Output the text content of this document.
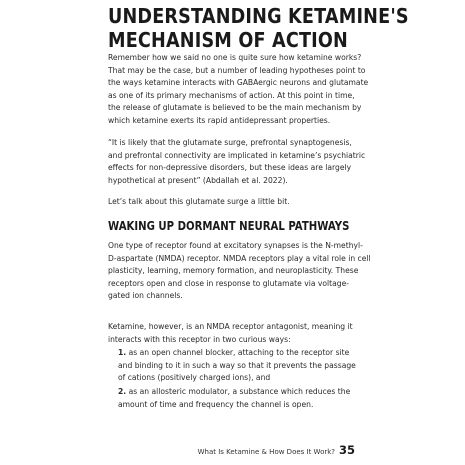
UNDERSTANDING KETAMINE'S
MECHANISM OF ACTION

Remember how we said no one is quite sure how ketamine works?
That may be the case, but a number of leading hypotheses point to
the ways ketamine interacts with GABAergic neurons and glutamate
as one of its primary mechanisms of action. At this point in time,
the release of glutamate is believed to be the main mechanism by
which ketamine exerts its rapid antidepressant properties.

“It is likely that the glutamate surge, prefrontal synaptogenesis,
and prefrontal connectivity are implicated in ketamine’s psychiatric
effects for non-depressive disorders, but these ideas are largely
hypothetical at present” (Abdallah et al. 2022).

Let’s talk about this glutamate surge a little bit.

WAKING UP DORMANT NEURAL PATHWAYS

One type of receptor found at excitatory synapses is the N-methyl-
D-aspartate (NMDA) receptor. NMDA receptors play a vital role in cell
plasticity, learning, memory formation, and neuroplasticity. These
receptors open and close in response to glutamate via voltage-
gated ion channels.

Ketamine, however, is an NMDA receptor antagonist, meaning it
interacts with this receptor in two curious ways:

1. as an open channel blocker, attaching to the receptor site
and binding to it in such a way so that it prevents the passage
of cations (positively charged ions), and
2. as an allosteric modulator, a substance which reduces the
amount of time and frequency the channel is open.
What Is Ketamine & How Does It Work? 35
